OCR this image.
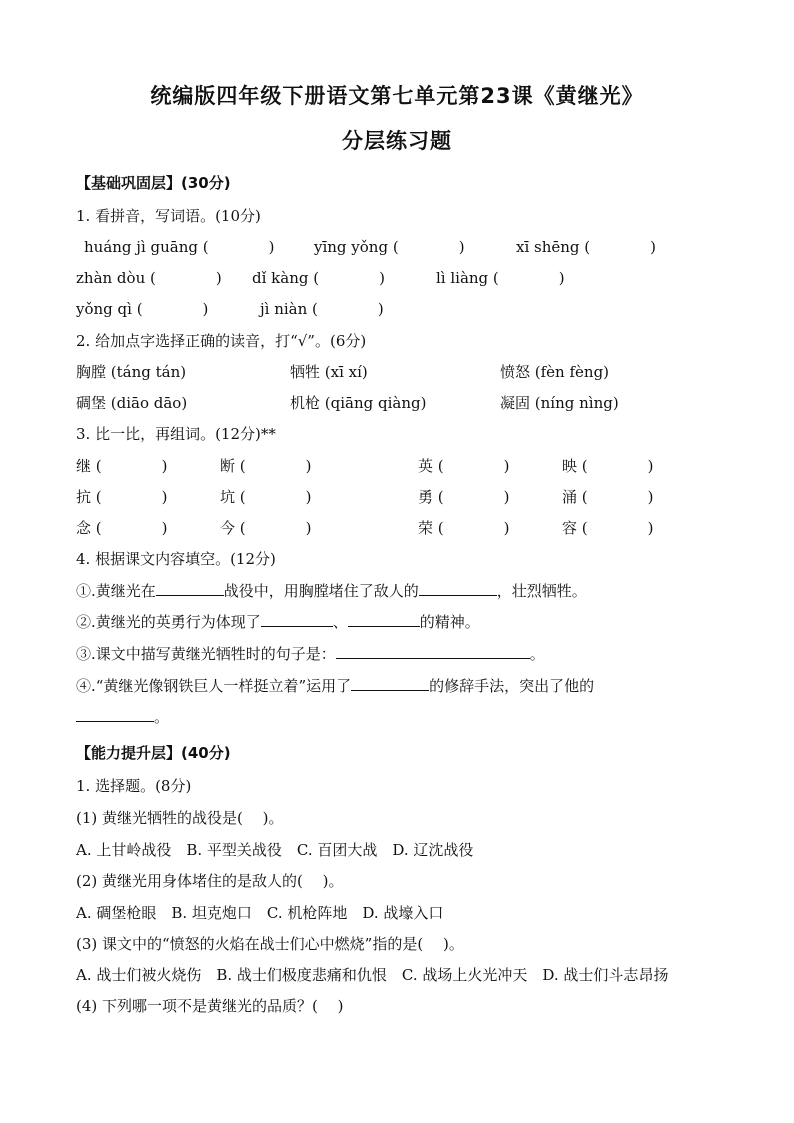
统编版四年级下册语文第七单元第23课《黄继光》
分层练习题
【基础巩固层】(30分)
1. 看拼音，写词语。(10分)
huáng jì guāng (　　　　)	yīng yǒng (　　　　)	xī shēng (　　　　)
zhàn dòu (　　　　) dǐ kàng (　　　　)	lì liàng (　　　　)
yǒng qì (　　　　)	jì niàn (　　　　)
2. 给加点字选择正确的读音，打“√”。(6分)
胸膛 (táng tán)	牺牲 (xī xí)	愤怒 (fèn fèng)
碉堡 (diāo dāo)	机枪 (qiāng qiàng)	凝固 (níng nìng)
3. 比一比，再组词。(12分)**
继 (　　　　)	断 (　　　　)	英 (　　　　)	映 (　　　　)
抗 (　　　　)	坑 (　　　　)	勇 (　　　　)	涌 (　　　　)
念 (　　　　)	今 (　　　　)	荣 (　　　　)	容 (　　　　)
4. 根据课文内容填空。(12分)
①.黄继光在	战役中，用胸膛堵住了敌人的	，壮烈牺牲。
②.黄继光的英勇行为体现了	、	的精神。
③.课文中描写黄继光牺牲时的句子是：	。
④.“黄继光像钢铁巨人一样挺立着”运用了	的修辞手法，突出了他的
。
【能力提升层】(40分)
1. 选择题。(8分)
(1) 黄继光牺牲的战役是(　 )。
A. 上甘岭战役　B. 平型关战役　C. 百团大战　D. 辽沈战役
(2) 黄继光用身体堵住的是敌人的(　 )。
A. 碉堡枪眼　B. 坦克炮口　C. 机枪阵地　D. 战壕入口
(3) 课文中的“愤怒的火焰在战士们心中燃烧”指的是(　 )。
A. 战士们被火烧伤　B. 战士们极度悲痛和仇恨　C. 战场上火光冲天　D. 战士们斗志昂扬
(4) 下列哪一项不是黄继光的品质？(　 )
